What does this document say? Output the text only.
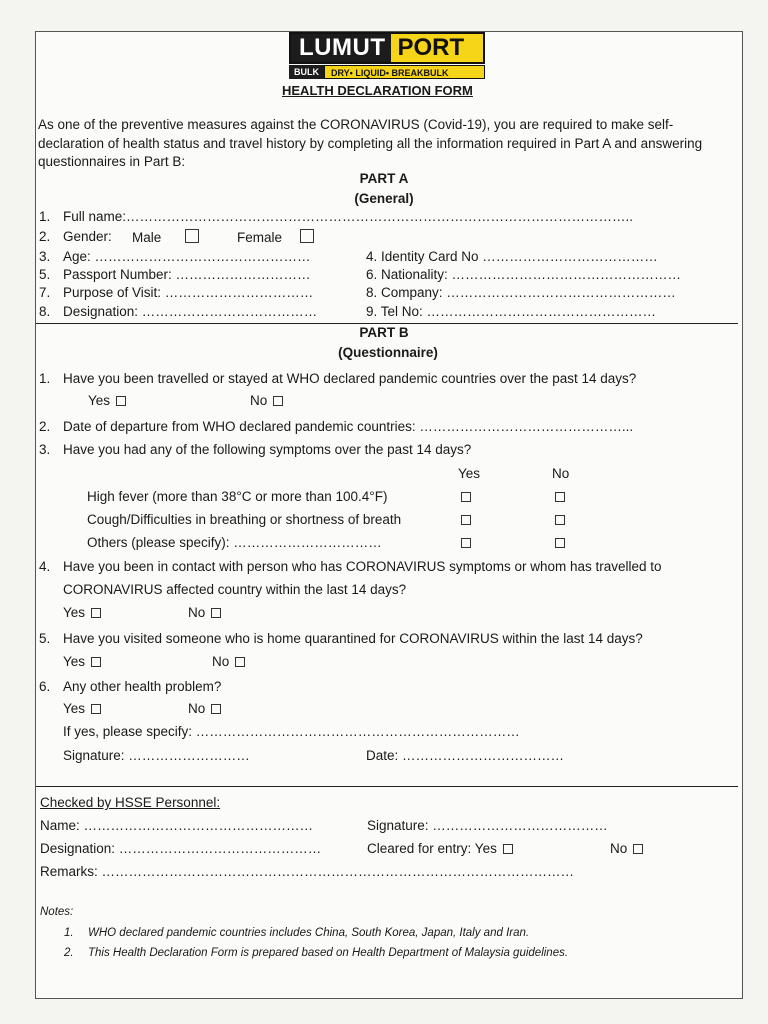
LUMUT PORT
BULK	DRY• LIQUID• BREAKBULK
HEALTH DECLARATION FORM
As one of the preventive measures against the CORONAVIRUS (Covid-19), you are required to make self-declaration of health status and travel history by completing all the information required in Part A and answering questionnaires in Part B:
PART A
(General)
1. Full name:…………………………………………………………………………………………………..
2. Gender: Male	Female
3. Age: …………………………………………	4. Identity Card No …………………………………
5. Passport Number: …………………………	6. Nationality: ……………………………………………
7. Purpose of Visit: ……………………………	8. Company: ……………………………………………
8. Designation: …………………………………	9. Tel No: ……………………………………………
PART B
(Questionnaire)
1. Have you been travelled or stayed at WHO declared pandemic countries over the past 14 days?
Yes	No
2. Date of departure from WHO declared pandemic countries: ………………………………………...
3. Have you had any of the following symptoms over the past 14 days?
Yes	No
High fever (more than 38°C or more than 100.4°F)
Cough/Difficulties in breathing or shortness of breath
Others (please specify): ……………………………
4. Have you been in contact with person who has CORONAVIRUS symptoms or whom has travelled to
CORONAVIRUS affected country within the last 14 days?
Yes	No
5. Have you visited someone who is home quarantined for CORONAVIRUS within the last 14 days?
Yes	No
6. Any other health problem?
Yes	No
If yes, please specify: ………………………………………………………………
Signature: ………………………	Date: ………………………………
Checked by HSSE Personnel:
Name: ……………………………………………	Signature: …………………………………
Designation: ………………………………………	Cleared for entry: Yes	No
Remarks: ……………………………………………………………………………………………
Notes:
1. WHO declared pandemic countries includes China, South Korea, Japan, Italy and Iran.
2. This Health Declaration Form is prepared based on Health Department of Malaysia guidelines.
